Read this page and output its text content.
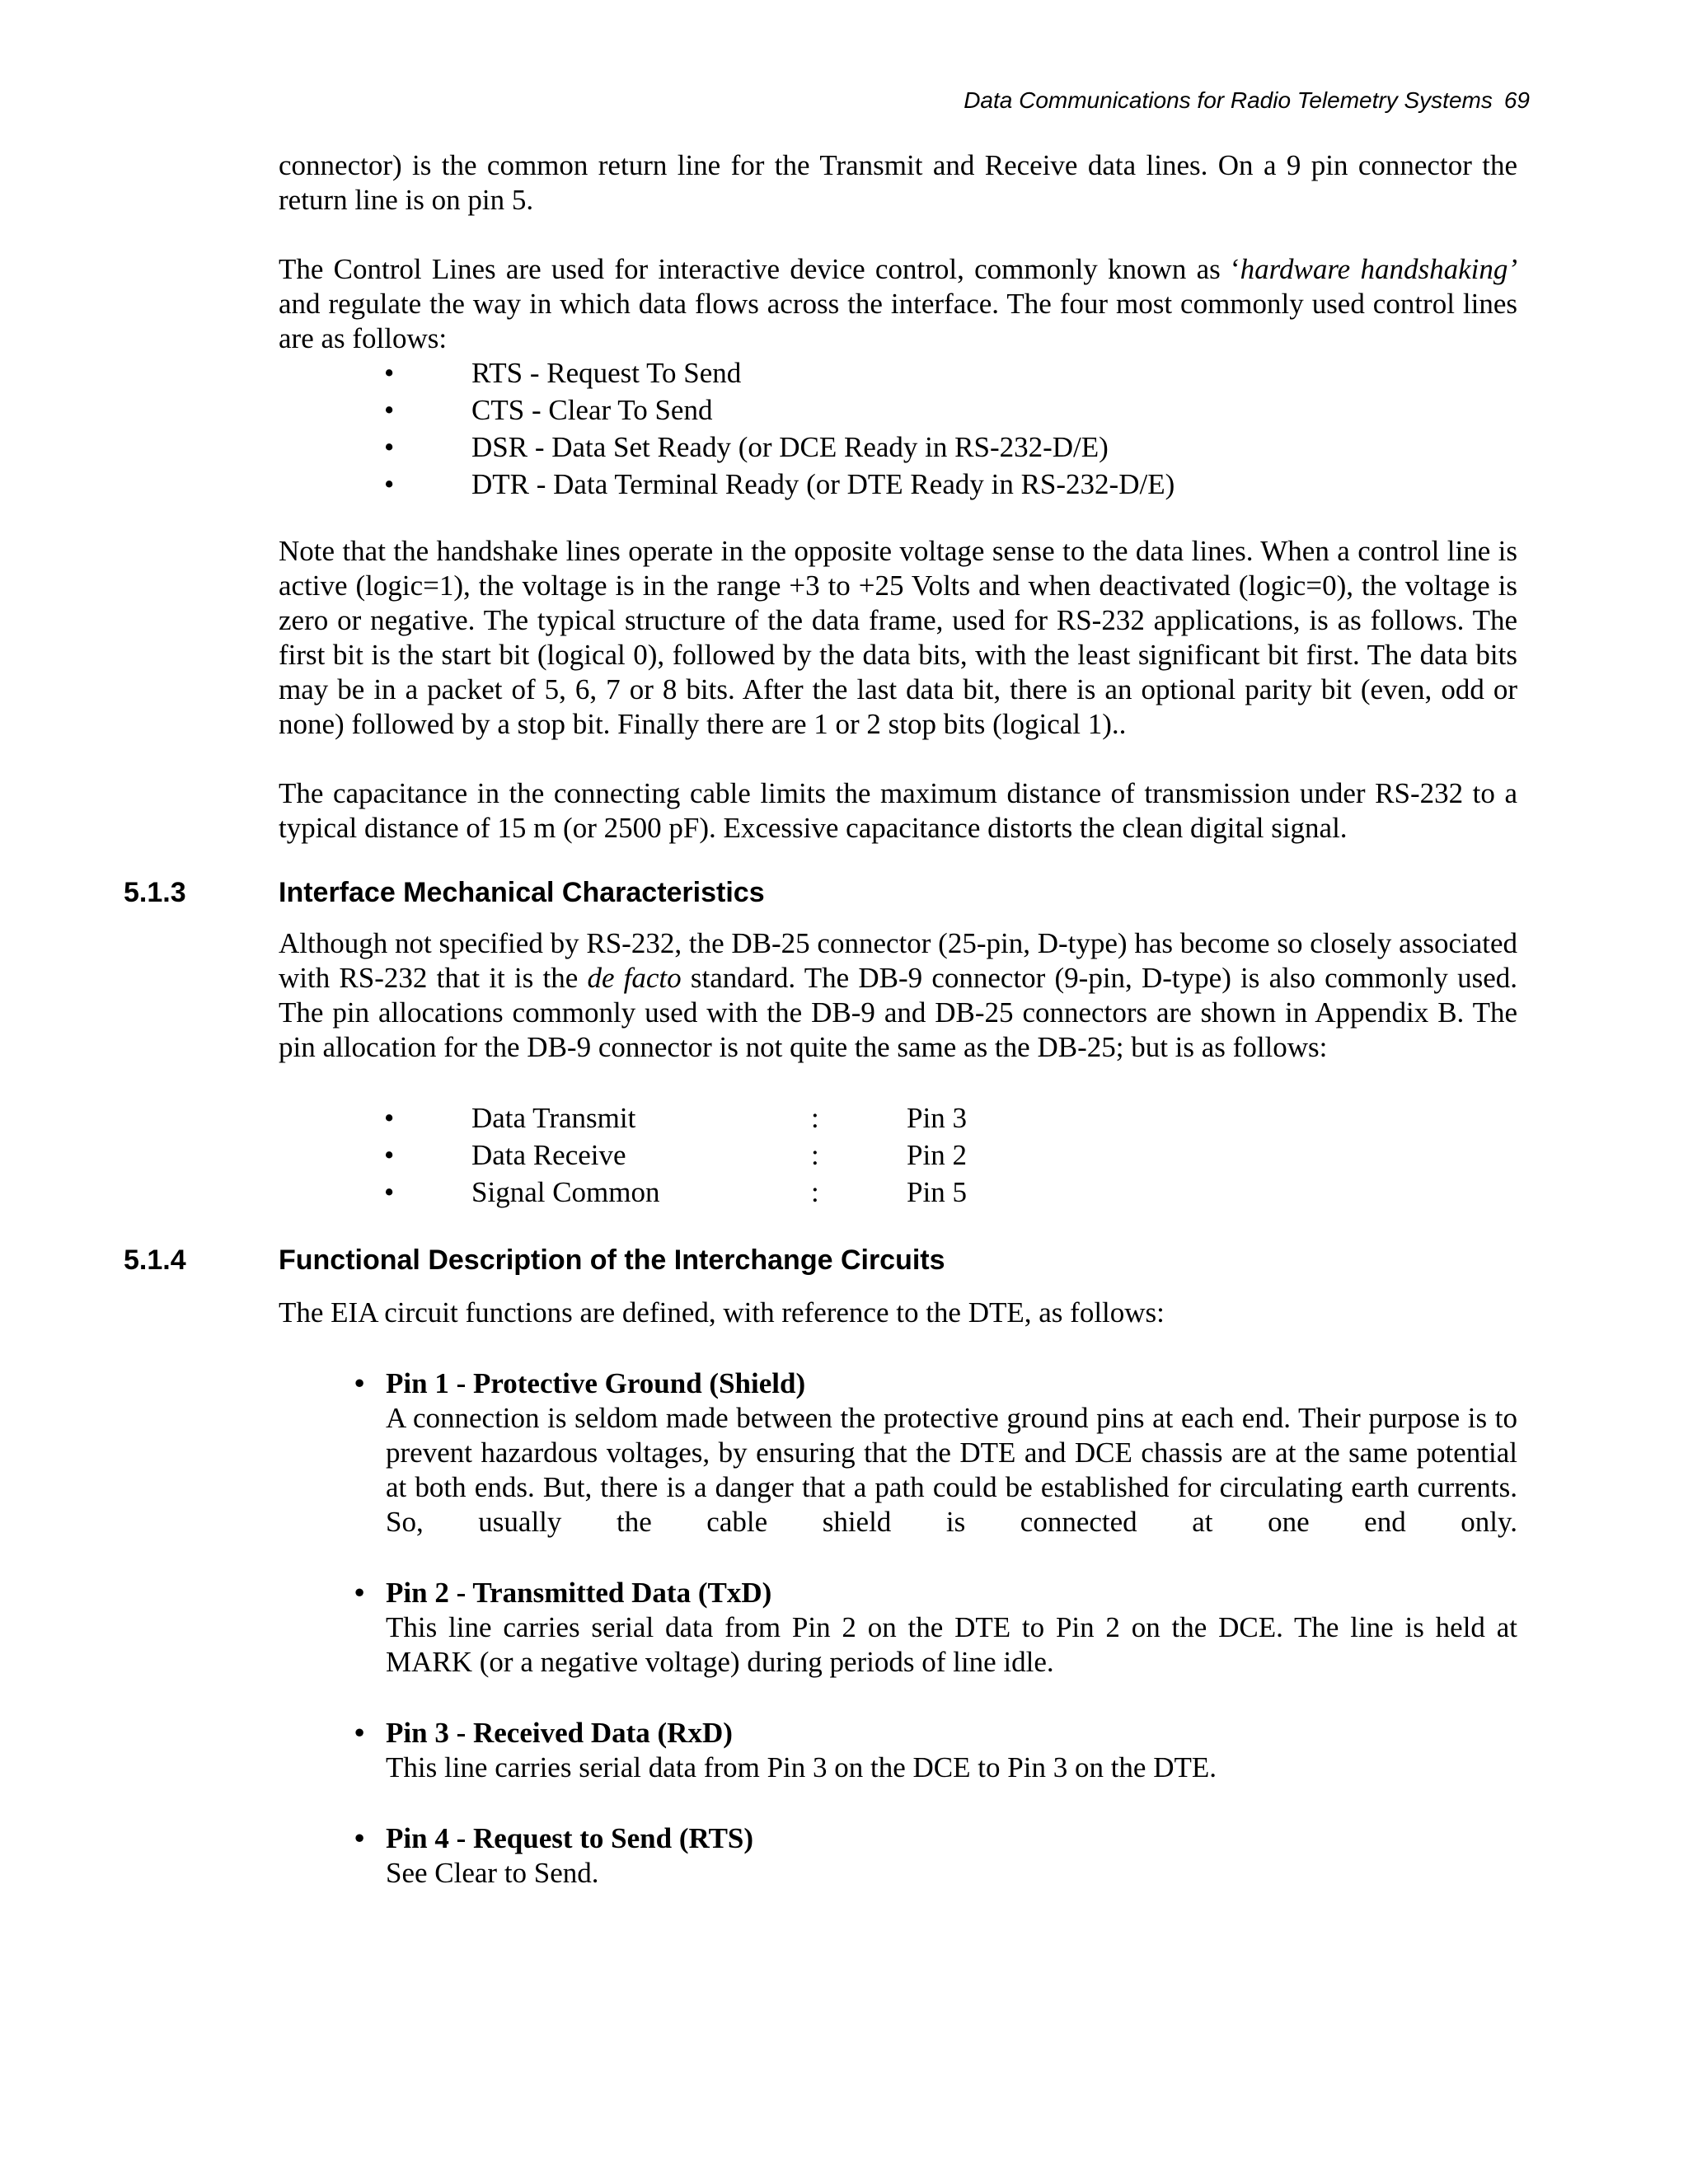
Data Communications for Radio Telemetry Systems 69

connector) is the common return line for the Transmit and Receive data lines. On a 9 pin connector the return line is on pin 5.

The Control Lines are used for interactive device control, commonly known as ‘hardware handshaking’ and regulate the way in which data flows across the interface. The four most commonly used control lines are as follows:

•	RTS - Request To Send
•	CTS - Clear To Send
•	DSR - Data Set Ready (or DCE Ready in RS-232-D/E)
•	DTR - Data Terminal Ready (or DTE Ready in RS-232-D/E)

Note that the handshake lines operate in the opposite voltage sense to the data lines. When a control line is active (logic=1), the voltage is in the range +3 to +25 Volts and when deactivated (logic=0), the voltage is zero or negative. The typical structure of the data frame, used for RS-232 applications, is as follows. The first bit is the start bit (logical 0), followed by the data bits, with the least significant bit first. The data bits may be in a packet of 5, 6, 7 or 8 bits. After the last data bit, there is an optional parity bit (even, odd or none) followed by a stop bit. Finally there are 1 or 2 stop bits (logical 1)..

The capacitance in the connecting cable limits the maximum distance of transmission under RS-232 to a typical distance of 15 m (or 2500 pF). Excessive capacitance distorts the clean digital signal.

5.1.3	Interface Mechanical Characteristics

Although not specified by RS-232, the DB-25 connector (25-pin, D-type) has become so closely associated with RS-232 that it is the de facto standard. The DB-9 connector (9-pin, D-type) is also commonly used. The pin allocations commonly used with the DB-9 and DB-25 connectors are shown in Appendix B. The pin allocation for the DB-9 connector is not quite the same as the DB-25; but is as follows:

•	Data Transmit	:	Pin 3
•	Data Receive	:	Pin 2
•	Signal Common	:	Pin 5
5.1.4	Functional Description of the Interchange Circuits

The EIA circuit functions are defined, with reference to the DTE, as follows:

• Pin 1 - Protective Ground (Shield)
A connection is seldom made between the protective ground pins at each end. Their purpose is to prevent hazardous voltages, by ensuring that the DTE and DCE chassis are at the same potential at both ends. But, there is a danger that a path could be established for circulating earth currents. So, usually the cable shield is connected at one end only.
• Pin 2 - Transmitted Data (TxD)
This line carries serial data from Pin 2 on the DTE to Pin 2 on the DCE. The line is held at MARK (or a negative voltage) during periods of line idle.
• Pin 3 - Received Data (RxD)
This line carries serial data from Pin 3 on the DCE to Pin 3 on the DTE.
• Pin 4 - Request to Send (RTS)
See Clear to Send.
